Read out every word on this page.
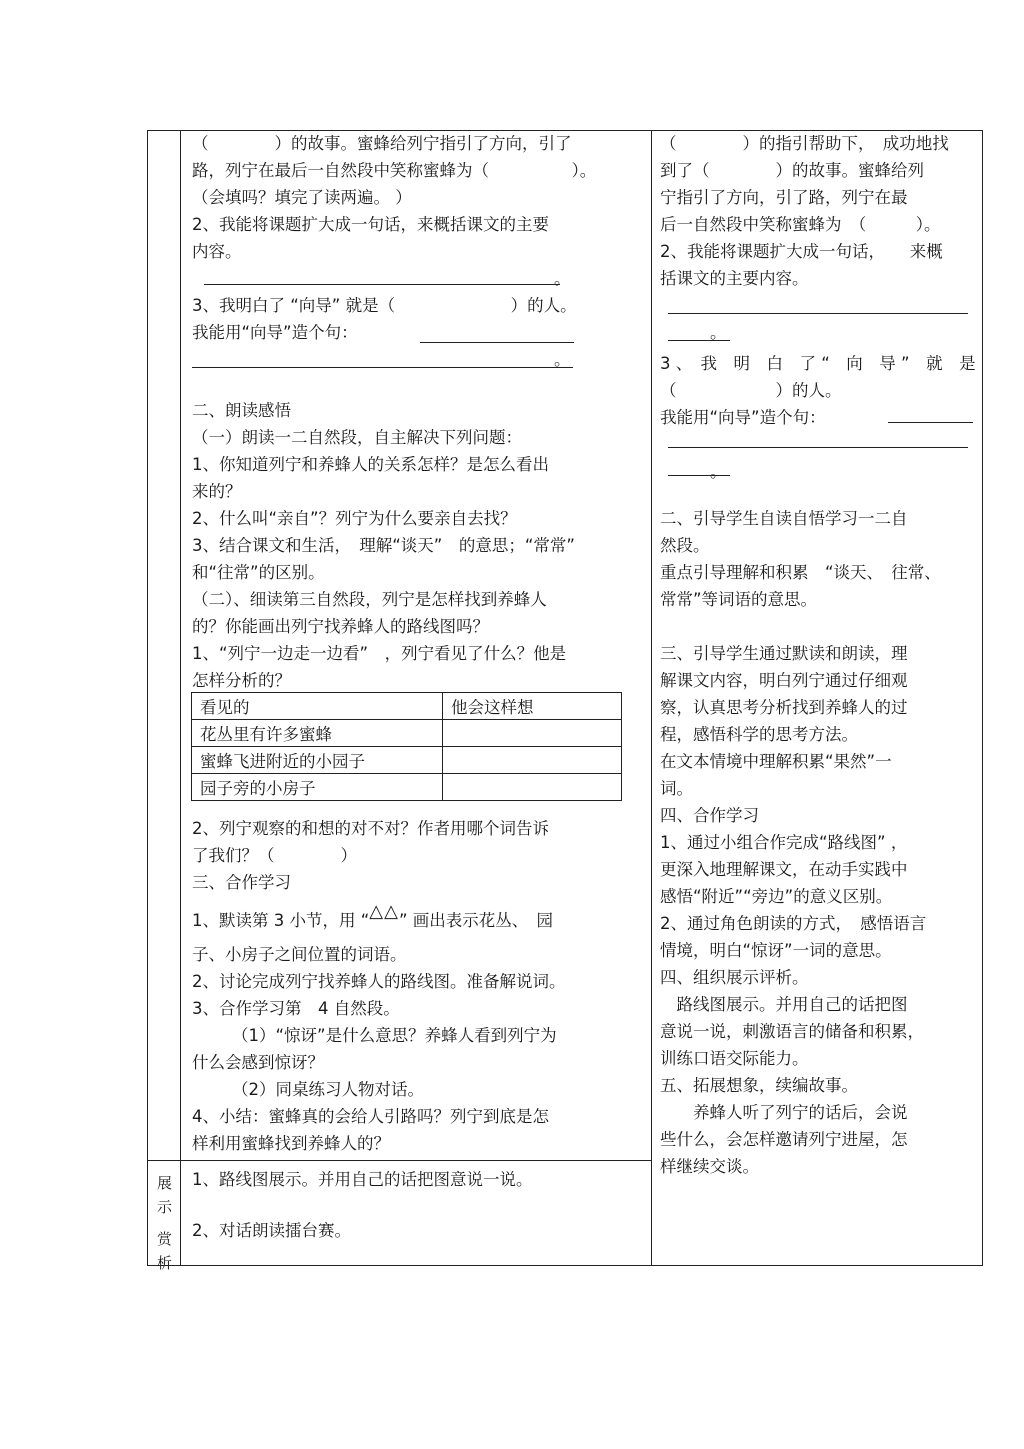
展
示
赏
析

（　　　　）的故事。蜜蜂给列宁指引了方向，引了

路，列宁在最后一自然段中笑称蜜蜂为（　　　　　）。

（会填吗？填完了读两遍。 ）

2、我能将课题扩大成一句话，来概括课文的主要

内容。

。

3、我明白了 “向导” 就是（　　　　　　　）的人。

我能用“向导”造个句：

。

二、朗读感悟

（一）朗读一二自然段，自主解决下列问题：

1、你知道列宁和养蜂人的关系怎样？是怎么看出

来的？

2、什么叫“亲自”？列宁为什么要亲自去找？

3、结合课文和生活，　理解“谈天”　的意思；“常常”

和“往常”的区别。

（二）、细读第三自然段，列宁是怎样找到养蜂人

的？你能画出列宁找养蜂人的路线图吗？

1、“列宁一边走一边看”　，列宁看见了什么？他是

怎样分析的？

看见的	他会这样想
花丛里有许多蜜蜂	
蜜蜂飞进附近的小园子	
园子旁的小房子	

2、列宁观察的和想的对不对？作者用哪个词告诉

了我们？（　　　　）

三、合作学习

1、默读第 3 小节，用 “△△” 画出表示花丛、　园

子、小房子之间位置的词语。

2、讨论完成列宁找养蜂人的路线图。准备解说词。

3、合作学习第　4 自然段。

（1）“惊讶”是什么意思？养蜂人看到列宁为

什么会感到惊讶？

（2）同桌练习人物对话。

4、小结：蜜蜂真的会给人引路吗？列宁到底是怎

样利用蜜蜂找到养蜂人的？

1、路线图展示。并用自己的话把图意说一说。

2、对话朗读擂台赛。

（　　　　）的指引帮助下，　成功地找

到了（　　　　）的故事。蜜蜂给列

宁指引了方向，引了路，列宁在最

后一自然段中笑称蜜蜂为　（　　　）。

2、我能将课题扩大成一句话，　　来概

括课文的主要内容。

。

3 、　我　明　白　了 “　向　导 ”　就　是

（　　　　　　）的人。

我能用“向导”造个句：

。

二、引导学生自读自悟学习一二自

然段。

重点引导理解和积累　“谈天、　往常、

常常”等词语的意思。

三、引导学生通过默读和朗读，理

解课文内容，明白列宁通过仔细观

察，认真思考分析找到养蜂人的过

程，感悟科学的思考方法。

在文本情境中理解积累“果然”一

词。

四、合作学习

1、通过小组合作完成“路线图” ，

更深入地理解课文，在动手实践中

感悟“附近”“旁边”的意义区别。

2、通过角色朗读的方式，　感悟语言

情境，明白“惊讶”一词的意思。

四、组织展示评析。

　路线图展示。并用自己的话把图

意说一说，刺激语言的储备和积累，

训练口语交际能力。

五、拓展想象，续编故事。

　　养蜂人听了列宁的话后，会说

些什么，会怎样邀请列宁进屋，怎

样继续交谈。
